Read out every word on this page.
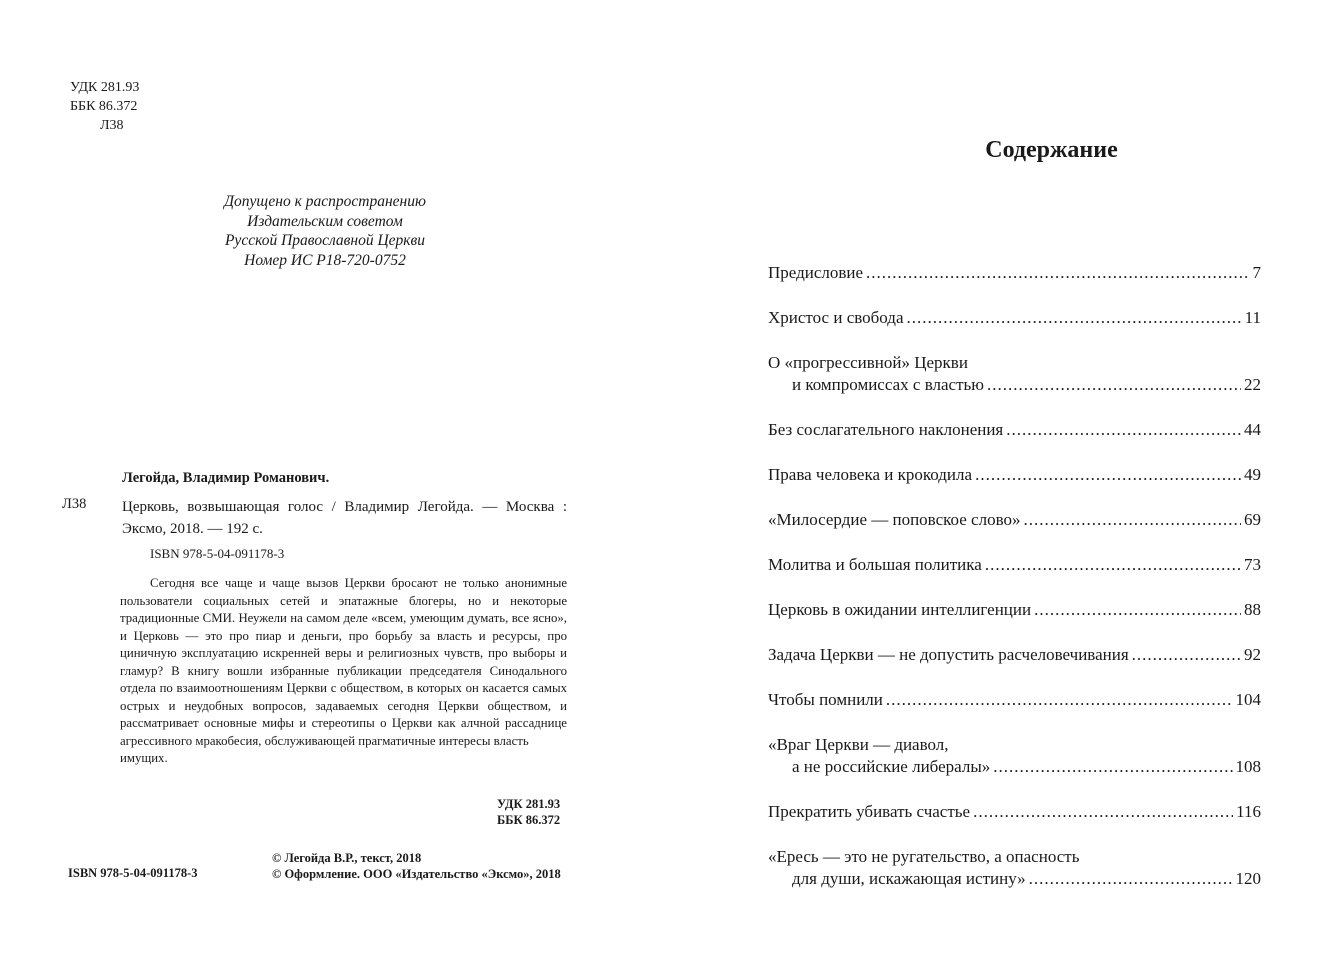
УДК 281.93
ББК 86.372
Л38
Допущено к распространению
Издательским советом
Русской Православной Церкви
Номер ИС Р18-720-0752
Легойда, Владимир Романович.
Л38 Церковь, возвышающая голос / Владимир Легойда. — Москва : Эксмо, 2018. — 192 с.
ISBN 978-5-04-091178-3
Сегодня все чаще и чаще вызов Церкви бросают не только анонимные пользователи социальных сетей и эпатажные блогеры, но и некоторые традиционные СМИ. Неужели на самом деле «всем, умеющим думать, все ясно», и Церковь — это про пиар и деньги, про борьбу за власть и ресурсы, про циничную эксплуатацию искренней веры и религиозных чувств, про выборы и гламур? В книгу вошли избранные публикации председателя Синодального отдела по взаимоотношениям Церкви с обществом, в которых он касается самых острых и неудобных вопросов, задаваемых сегодня Церкви обществом, и рассматривает основные мифы и стереотипы о Церкви как алчной рассаднице агрессивного мракобесия, обслуживающей прагматичные интересы власть
имущих.
УДК 281.93
ББК 86.372
ISBN 978-5-04-091178-3
© Легойда В.Р., текст, 2018
© Оформление. ООО «Издательство «Эксмо», 2018
Содержание
Предисловие .....	7
Христос и свобода .....	11
О «прогрессивной» Церкви
и компромиссах с властью .....	22
Без сослагательного наклонения .....	44
Права человека и крокодила .....	49
«Милосердие — поповское слово» .....	69
Молитва и большая политика .....	73
Церковь в ожидании интеллигенции .....	88
Задача Церкви — не допустить расчеловечивания .....	92
Чтобы помнили .....	104
«Враг Церкви — диавол,
а не российские либералы» .....	108
Прекратить убивать счастье .....	116
«Ересь — это не ругательство, а опасность
для души, искажающая истину» .....	120
